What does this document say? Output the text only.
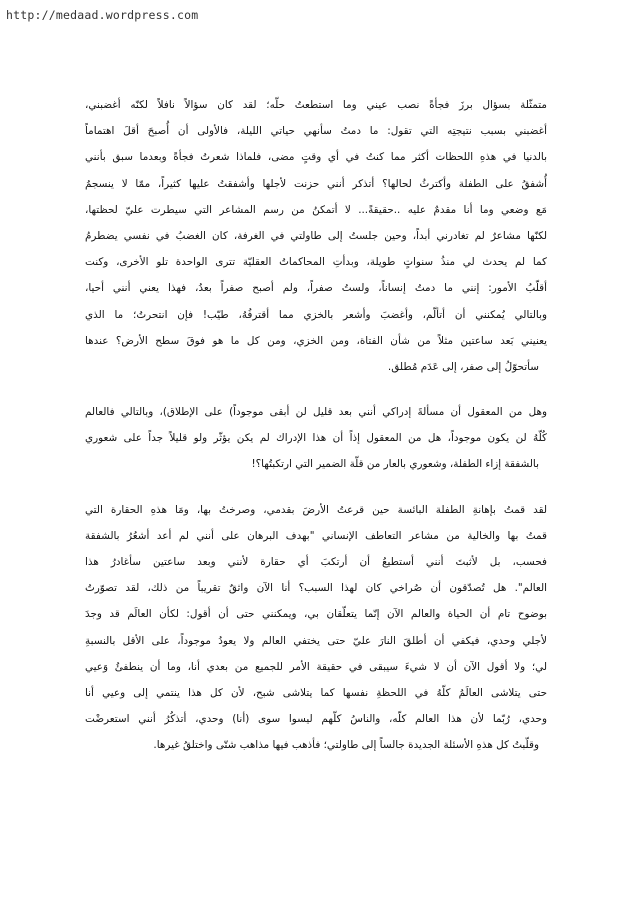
http://medaad.wordpress.com
متمثّلة بسؤال برزَ فجأةً نصب عيني وما استطعتُ حلّه؛ لقد كان سؤالاً نافلاً لكنّه أغضبني،
أغضبني بسبب نتيجتِه التي تقول: ما دمتُ سأنهي حياتي الليلة، فالأولى أن أُصبحَ أقلَ اهتماماً
بالدنيا في هذهِ اللحظات أكثر مما كنتُ في أي وقتٍ مضى، فلماذا شعرتُ فجأةً وبعدما سبق بأنني
أُشفقُ على الطفلة وأكترثُ لحالها؟ أتذكر أنني حزنت لأجلها وأشفقتُ عليها كثيراً، ممّا لا ينسجمُ
مَع وضعي وما أنا مقدمٌ عليه ..حقيقةً... لا أتمكنُ من رسم المشاعر التي سيطرت عليّ لحظتها،
لكنّها مشاعرٌ لم تغادرني أبداً، وحين جلستُ إلى طاولتي في الغرفة، كان الغضبُ في نفسي يضطرمُ
كما لم يحدث لي منذُ سنواتٍ طويلة، وبدأتِ المحاكماتُ العقليّة تترى الواحدة تلو الأخرى، وكنت
أقلّبُ الأمور: إنني ما دمتُ إنساناً، ولستُ صفراً، ولم أصبح صفراً بعدُ، فهذا يعني أنني أحيا،
وبالتالي يُمكنني أن أتألّم، وأغضبَ وأشعر بالخزي مما أقترفُهُ، طيّب! فإن انتحرتُ؛ ما الذي
يعنيني بَعد ساعتين مثلاً من شأن الفتاة، ومن الخزي، ومن كل ما هو فوقَ سطح الأرض؟ عندها
سأتحوّلُ إلى صفر، إلى عَدَم مُطلق.
وهل من المعقول أن مسألةَ إدراكي أنني بعد قليل لن أبقى موجوداً) على الإطلاق)، وبالتالي فالعالم
كُلّهُ لن يكون موجوداً، هل من المعقول إذاً أن هذا الإدراك لم يكن يؤثّر ولو قليلاً جداً على شعوري
بالشفقة إزاء الطفلة، وشعوري بالعار من قلّة الضمير التي ارتكبتُها؟!
لقد قمتُ بإهانةِ الطفلة البائسة حين قرعتُ الأرضَ بقدمي، وصرختُ بها، ومَا هذهِ الحقارة التي
قمتُ بها والخالية من مشاعر التعاطف الإنساني "بهدف البرهان على أنني لم أعد أشعُرُ بالشفقة
فحسب، بل لأثبتَ أنني أستطيعُ أن أرتكبَ أي حقارة لأنني وبعد ساعتين سأغادرُ هذا
العالم". هل تُصدّقون أن صُراخي كان لهذا السبب؟ أنا الآن واثقٌ تقريباً من ذلك، لقد تصوّرتُ
بوضوح تام أن الحياة والعالم الآن إنّما يتعلّقان بي، ويمكنني حتى أن أقول: لكأن العالَم قد وجدَ
لأجلي وحدي، فيكفي أن أطلقَ النارَ عليّ حتى يختفي العالم ولا يعودُ موجوداً، على الأقل بالنسبةِ
لي؛ ولا أقول الآن أن لا شيءَ سيبقى في حقيقة الأمر للجميع من بعدي أنا، وما أن ينطفئُ وَعيي
حتى يتلاشى العالَمُ كلّهُ في اللحظةِ نفسها كما يتلاشى شبح، لأن كل هذا ينتمي إلى وعيي أنا
وحدي، رُبّما لأن هذا العالم كلّه، والناسُ كلّهم ليسوا سوى (أنا) وحدي، أتذكُرُ أنني استعرضْت
وقلّبتُ كل هذهِ الأسئلة الجديدة جالساً إلى طاولتي؛ فأذهب فيها مذاهب شتّى واختلقُ غيرها.
